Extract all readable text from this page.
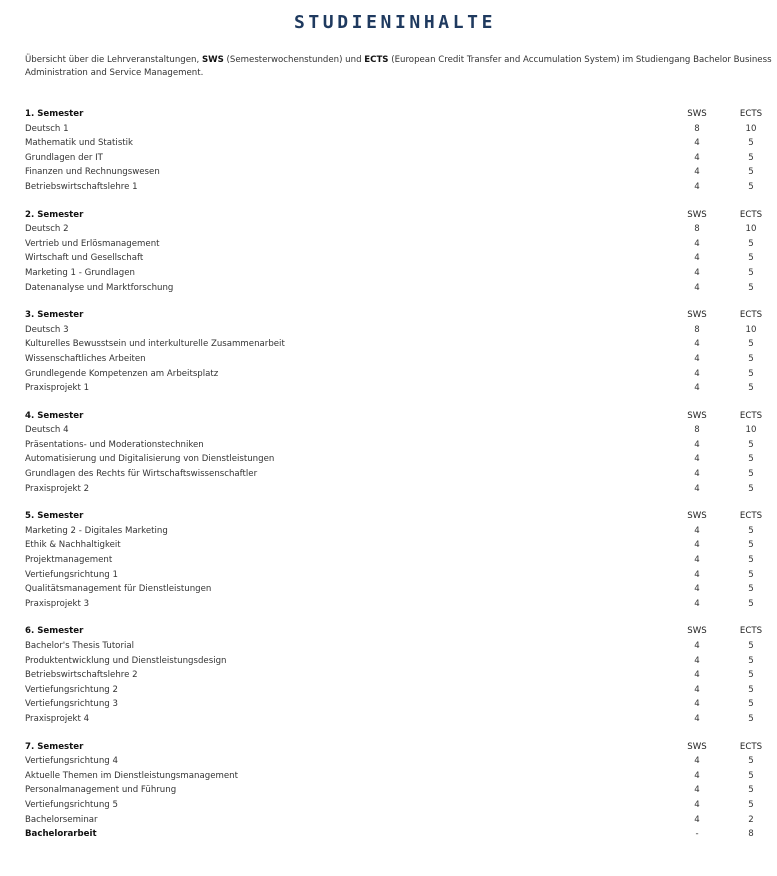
STUDIENINHALTE
Übersicht über die Lehrveranstaltungen, SWS (Semesterwochenstunden) und ECTS (European Credit Transfer and Accumulation System) im Studiengang Bachelor Business Administration and Service Management.
1. Semester	SWS	ECTS
Deutsch 1	8	10
Mathematik und Statistik	4	5
Grundlagen der IT	4	5
Finanzen und Rechnungswesen	4	5
Betriebswirtschaftslehre 1	4	5
2. Semester	SWS	ECTS
Deutsch 2	8	10
Vertrieb und Erlösmanagement	4	5
Wirtschaft und Gesellschaft	4	5
Marketing 1 - Grundlagen	4	5
Datenanalyse und Marktforschung	4	5
3. Semester	SWS	ECTS
Deutsch 3	8	10
Kulturelles Bewusstsein und interkulturelle Zusammenarbeit	4	5
Wissenschaftliches Arbeiten	4	5
Grundlegende Kompetenzen am Arbeitsplatz	4	5
Praxisprojekt 1	4	5
4. Semester	SWS	ECTS
Deutsch 4	8	10
Präsentations- und Moderationstechniken	4	5
Automatisierung und Digitalisierung von Dienstleistungen	4	5
Grundlagen des Rechts für Wirtschaftswissenschaftler	4	5
Praxisprojekt 2	4	5
5. Semester	SWS	ECTS
Marketing 2 - Digitales Marketing	4	5
Ethik & Nachhaltigkeit	4	5
Projektmanagement	4	5
Vertiefungsrichtung 1	4	5
Qualitätsmanagement für Dienstleistungen	4	5
Praxisprojekt 3	4	5
6. Semester	SWS	ECTS
Bachelor's Thesis Tutorial	4	5
Produktentwicklung und Dienstleistungsdesign	4	5
Betriebswirtschaftslehre 2	4	5
Vertiefungsrichtung 2	4	5
Vertiefungsrichtung 3	4	5
Praxisprojekt 4	4	5
7. Semester	SWS	ECTS
Vertiefungsrichtung 4	4	5
Aktuelle Themen im Dienstleistungsmanagement	4	5
Personalmanagement und Führung	4	5
Vertiefungsrichtung 5	4	5
Bachelorseminar	4	2
Bachelorarbeit	-	8
